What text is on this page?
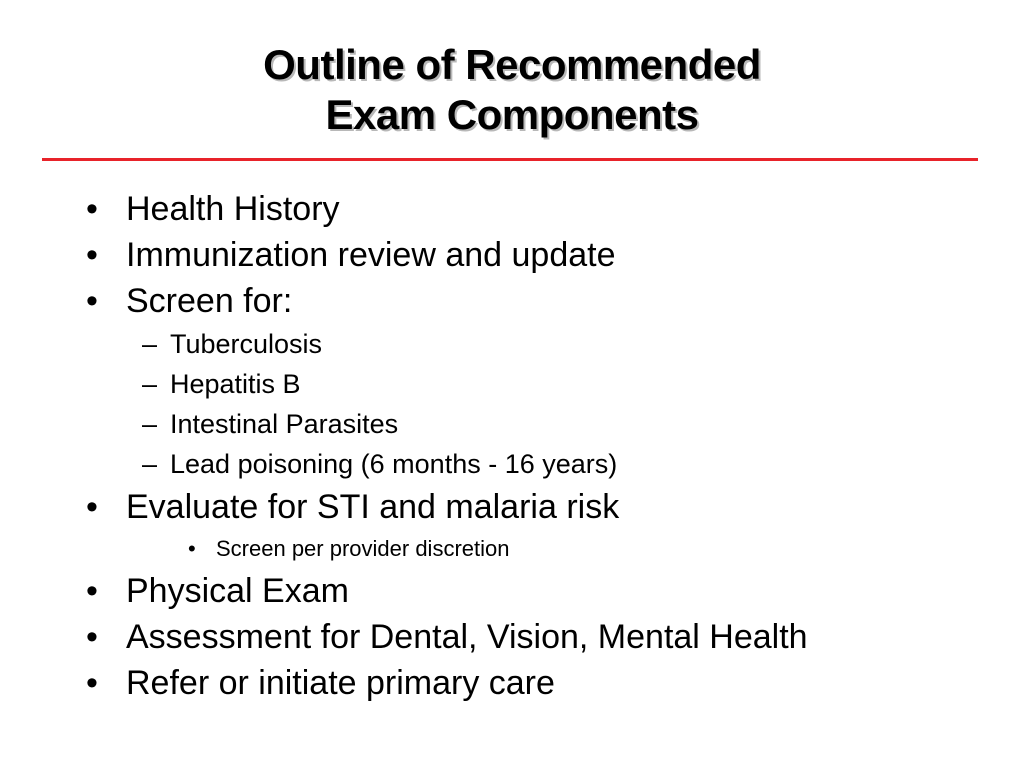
Outline of Recommended
Exam Components
• Health History
• Immunization review and update
• Screen for:
– Tuberculosis
– Hepatitis B
– Intestinal Parasites
– Lead poisoning (6 months - 16 years)
• Evaluate for STI and malaria risk
• Screen per provider discretion
• Physical Exam
• Assessment for Dental, Vision, Mental Health
• Refer or initiate primary care
